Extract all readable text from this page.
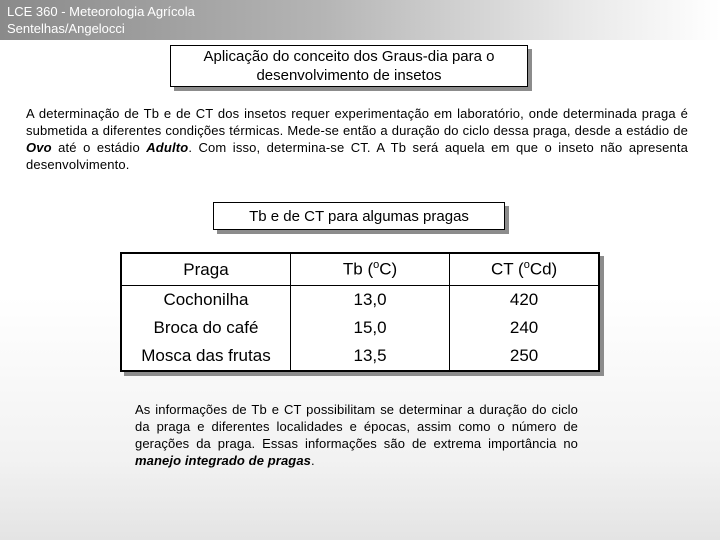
LCE 360 - Meteorologia Agrícola
Sentelhas/Angelocci
Aplicação do conceito dos Graus-dia para o desenvolvimento de insetos
A determinação de Tb e de CT dos insetos requer experimentação em laboratório, onde determinada praga é submetida a diferentes condições térmicas. Mede-se então a duração do ciclo dessa praga, desde a estádio de Ovo até o estádio Adulto. Com isso, determina-se CT. A Tb será aquela em que o inseto não apresenta desenvolvimento.
Tb e de CT para algumas pragas
Praga	Tb ($^o$C)	CT ($^o$Cd)
Cochonilha	13,0	420
Broca do café	15,0	240
Mosca das frutas	13,5	250
As informações de Tb e CT possibilitam se determinar a duração do ciclo da praga e diferentes localidades e épocas, assim como o número de gerações da praga. Essas informações são de extrema importância no manejo integrado de pragas.
